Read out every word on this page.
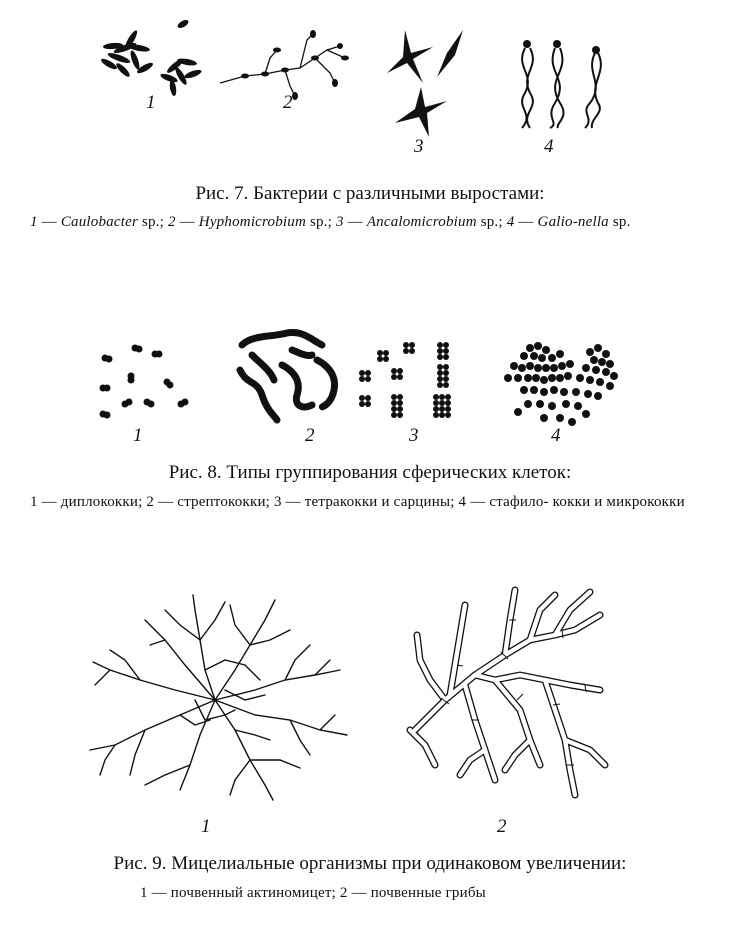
1	2
3	4
Рис. 7. Бактерии с различными выростами:
1 — Caulobacter sp.; 2 — Hyphomicrobium sp.; 3 — Ancalomicrobium sp.; 4 — Galio-nella sp.
1	2	3	4
Рис. 8. Типы группирования сферических клеток:
1 — диплококки; 2 — стрептококки; 3 — тетракокки и сарцины; 4 — стафило- кокки и микрококки
1	2
Рис. 9. Мицелиальные организмы при одинаковом увеличении:
1 — почвенный актиномицет; 2 — почвенные грибы
